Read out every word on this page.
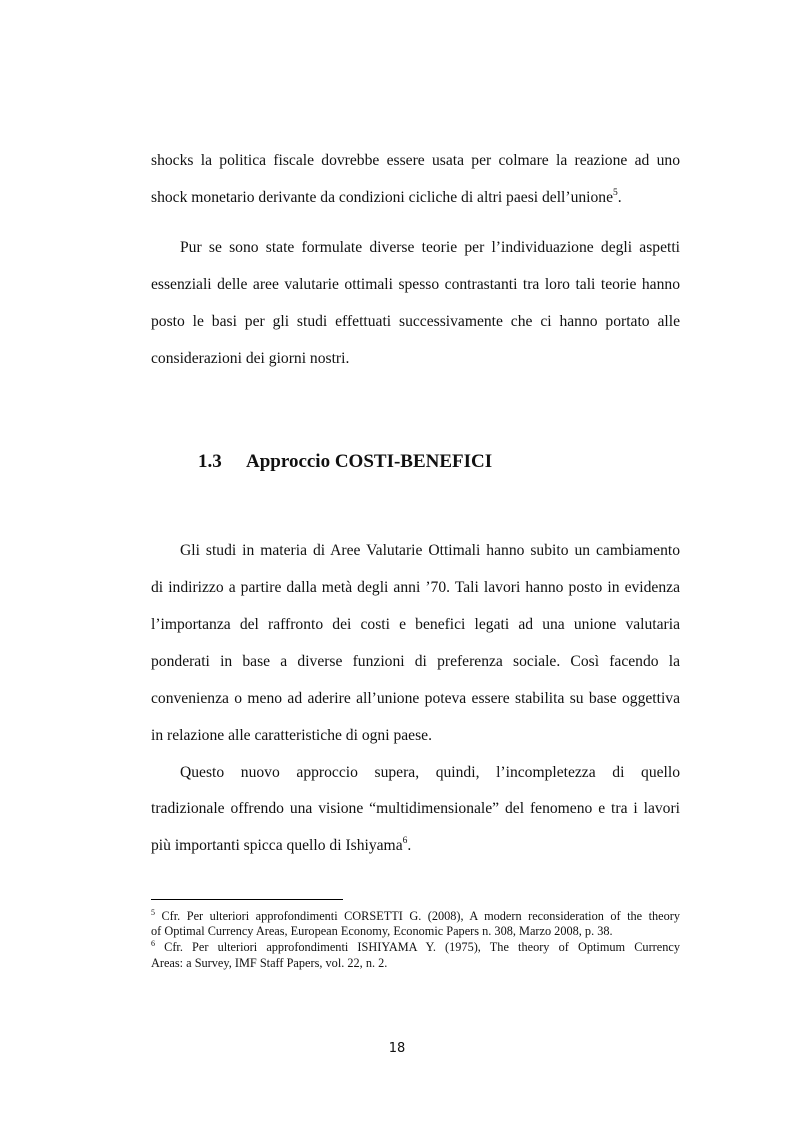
shocks la politica fiscale dovrebbe essere usata per colmare la reazione ad uno
shock monetario derivante da condizioni cicliche di altri paesi dell’unione$^5$.
Pur se sono state formulate diverse teorie per l’individuazione degli aspetti
essenziali delle aree valutarie ottimali spesso contrastanti tra loro tali teorie hanno
posto le basi per gli studi effettuati successivamente che ci hanno portato alle
considerazioni dei giorni nostri.
1.3 Approccio COSTI-BENEFICI
Gli studi in materia di Aree Valutarie Ottimali hanno subito un cambiamento
di indirizzo a partire dalla metà degli anni ’70. Tali lavori hanno posto in evidenza
l’importanza del raffronto dei costi e benefici legati ad una unione valutaria
ponderati in base a diverse funzioni di preferenza sociale. Così facendo la
convenienza o meno ad aderire all’unione poteva essere stabilita su base oggettiva
in relazione alle caratteristiche di ogni paese.
Questo nuovo approccio supera, quindi, l’incompletezza di quello
tradizionale offrendo una visione “multidimensionale” del fenomeno e tra i lavori
più importanti spicca quello di Ishiyama$^6$.
$^5$ Cfr. Per ulteriori approfondimenti CORSETTI G. (2008), A modern reconsideration of the theory
of Optimal Currency Areas, European Economy, Economic Papers n. 308, Marzo 2008, p. 38.
$^6$ Cfr. Per ulteriori approfondimenti ISHIYAMA Y. (1975), The theory of Optimum Currency
Areas: a Survey, IMF Staff Papers, vol. 22, n. 2.
18
